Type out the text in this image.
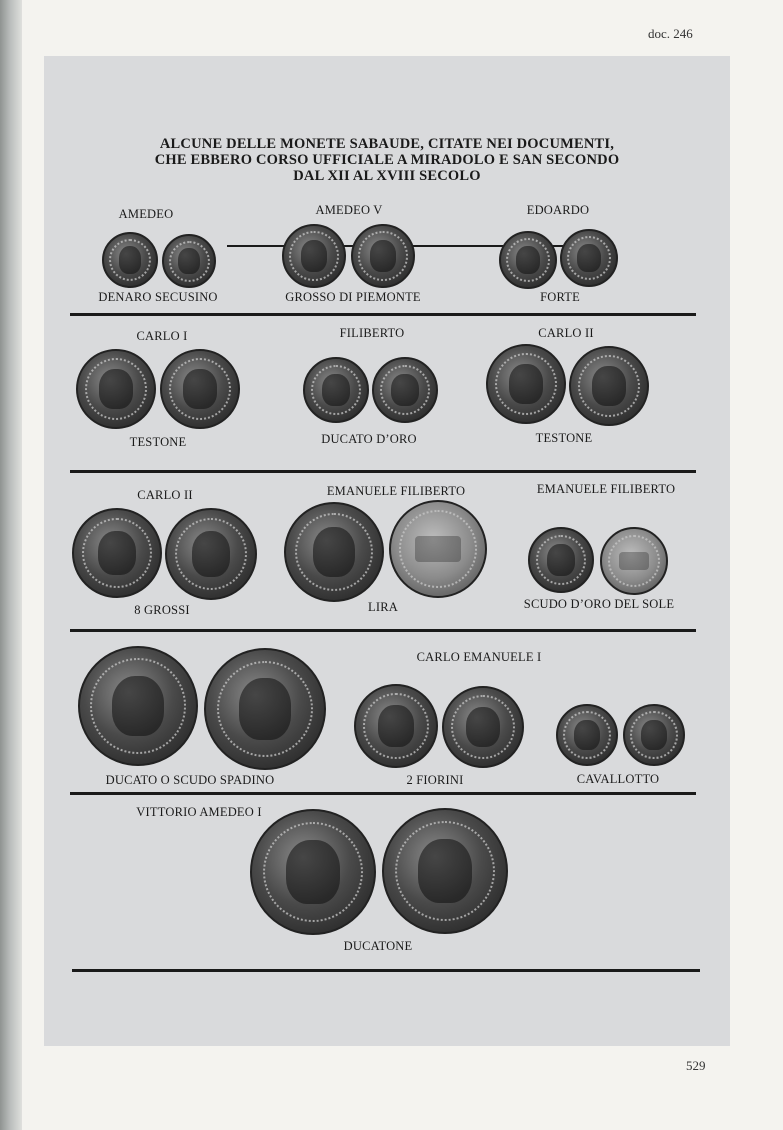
doc. 246
ALCUNE DELLE MONETE SABAUDE, CITATE NEI DOCUMENTI,
CHE EBBERO CORSO UFFICIALE A MIRADOLO E SAN SECONDO
DAL XII AL XVIII SECOLO
AMEDEO	AMEDEO V	EDOARDO
DENARO SECUSINO	GROSSO DI PIEMONTE	FORTE
CARLO I	FILIBERTO	CARLO II
TESTONE	DUCATO D’ORO	TESTONE
CARLO II	EMANUELE FILIBERTO	EMANUELE FILIBERTO
8 GROSSI	LIRA	SCUDO D’ORO DEL SOLE
CARLO EMANUELE I
DUCATO O SCUDO SPADINO	2 FIORINI	CAVALLOTTO
VITTORIO AMEDEO I
DUCATONE
529
